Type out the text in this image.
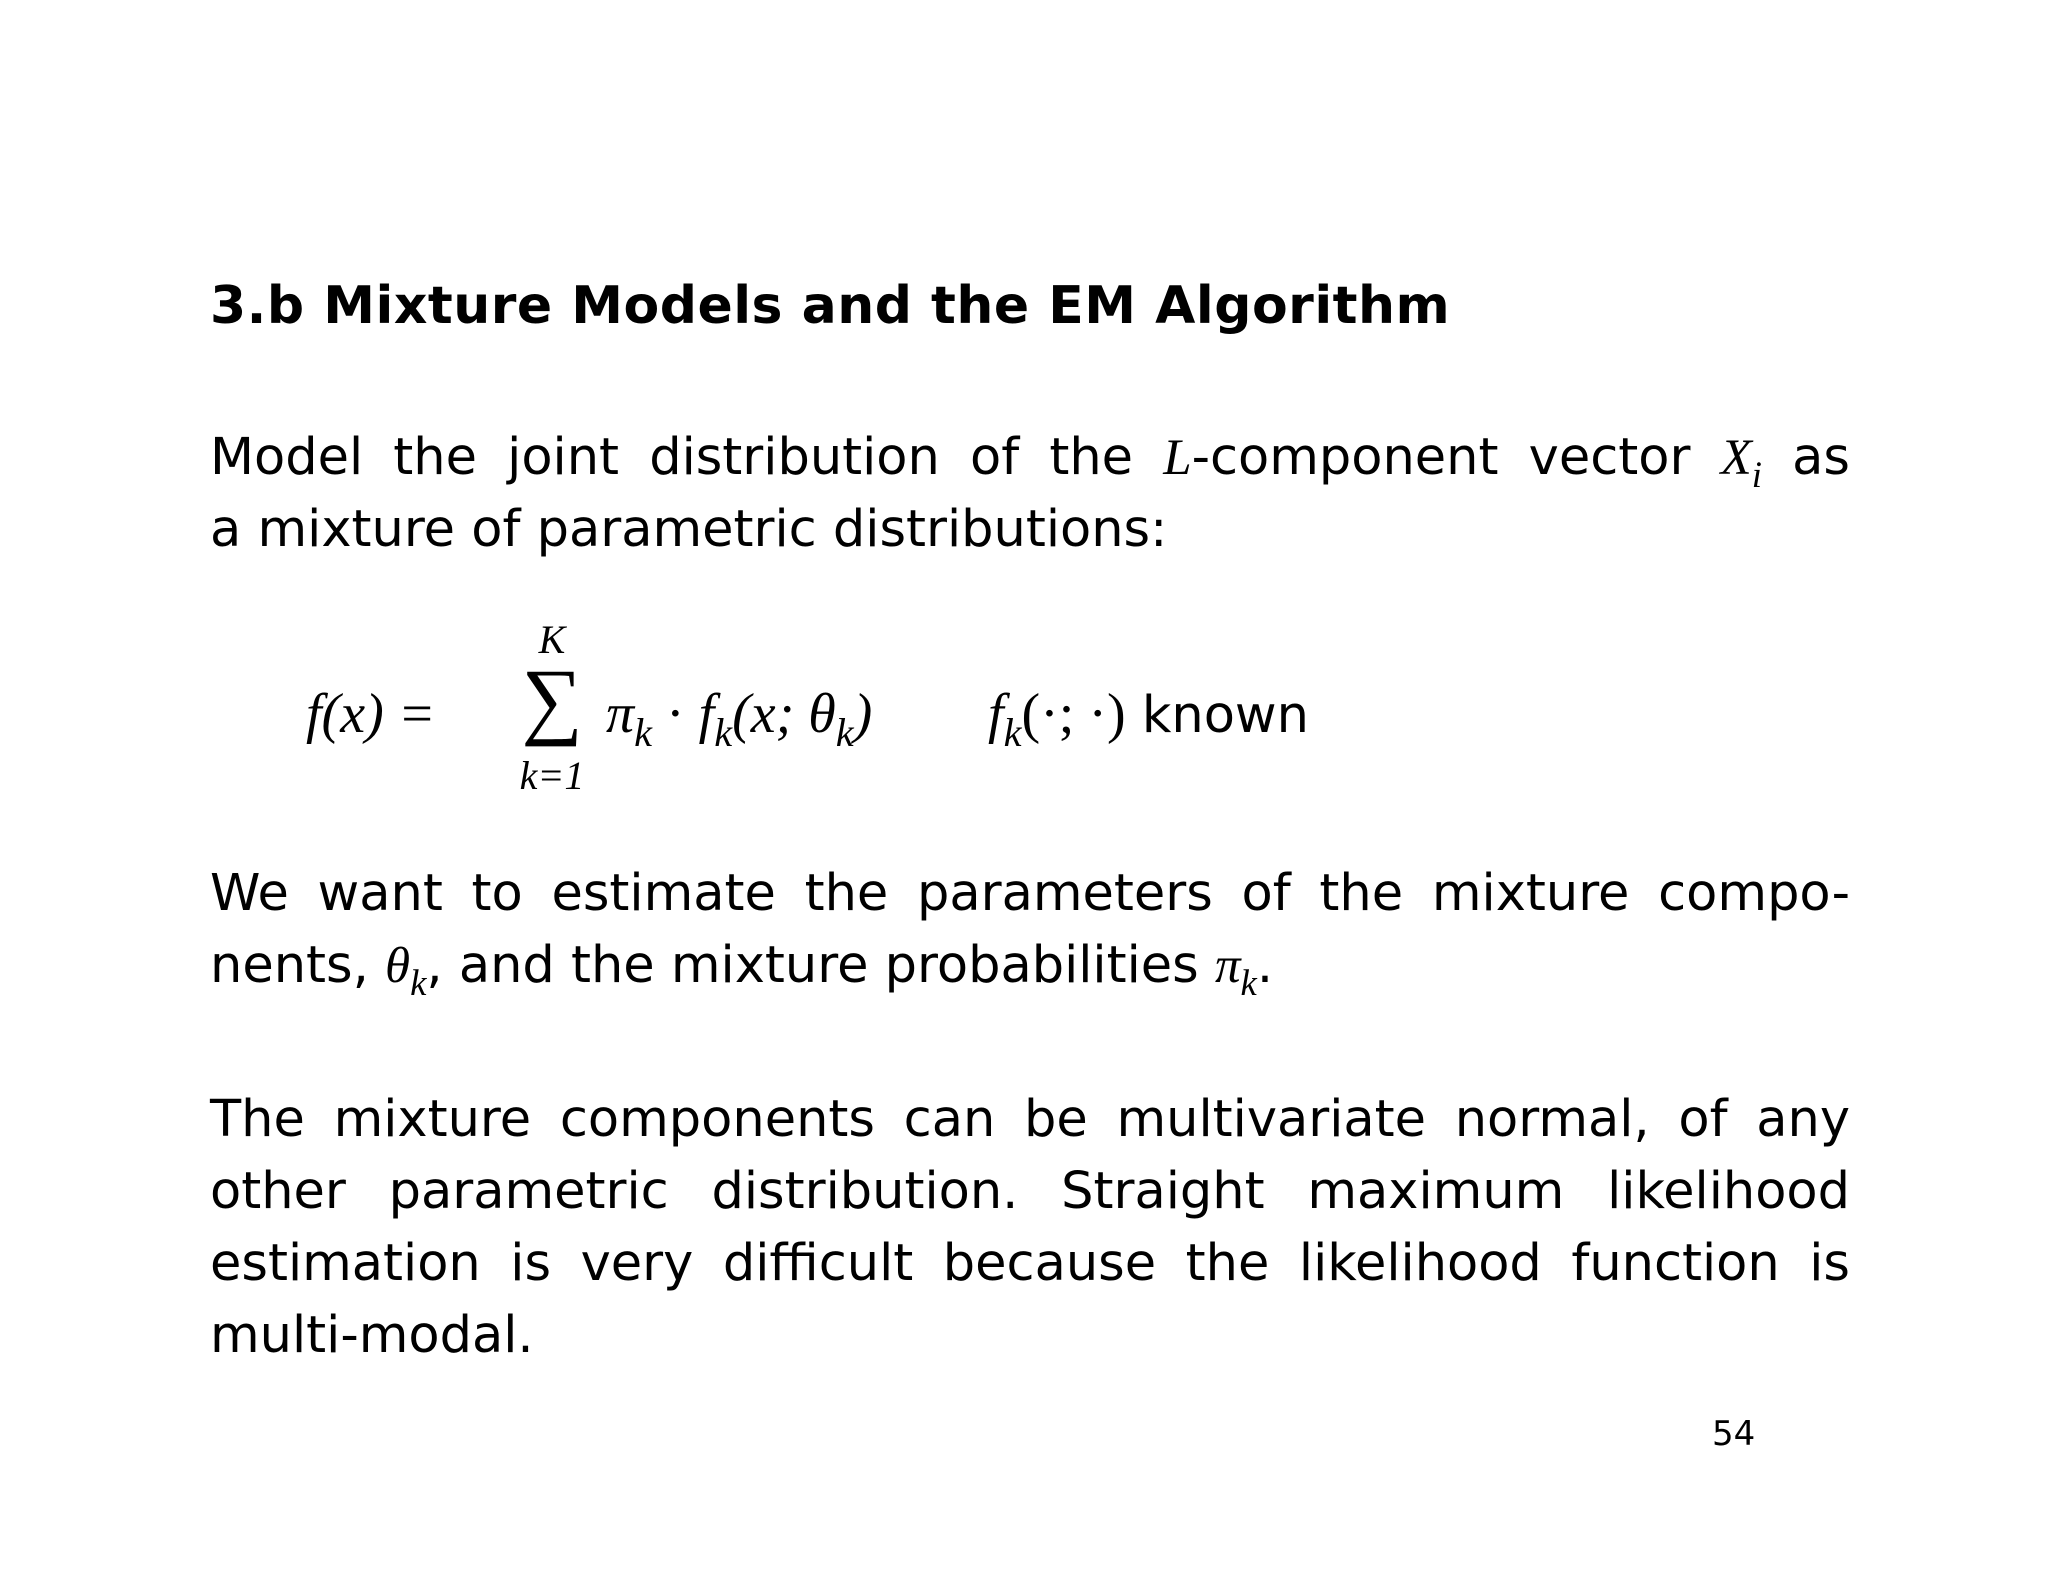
3.b Mixture Models and the EM Algorithm
Model the joint distribution of the L-component vector $X_i$ as
a mixture of parametric distributions:
f(x) =
K
∑
k=1
$\pi_k \cdot f_k(x$; $\theta_k$) $f_k(\cdot$; ·) known
We want to estimate the parameters of the mixture compo-
nents, $\theta_k$, and the mixture probabilities $\pi_k$.
The mixture components can be multivariate normal, of any
other parametric distribution. Straight maximum likelihood
estimation is very difficult because the likelihood function is
multi-modal.
54
